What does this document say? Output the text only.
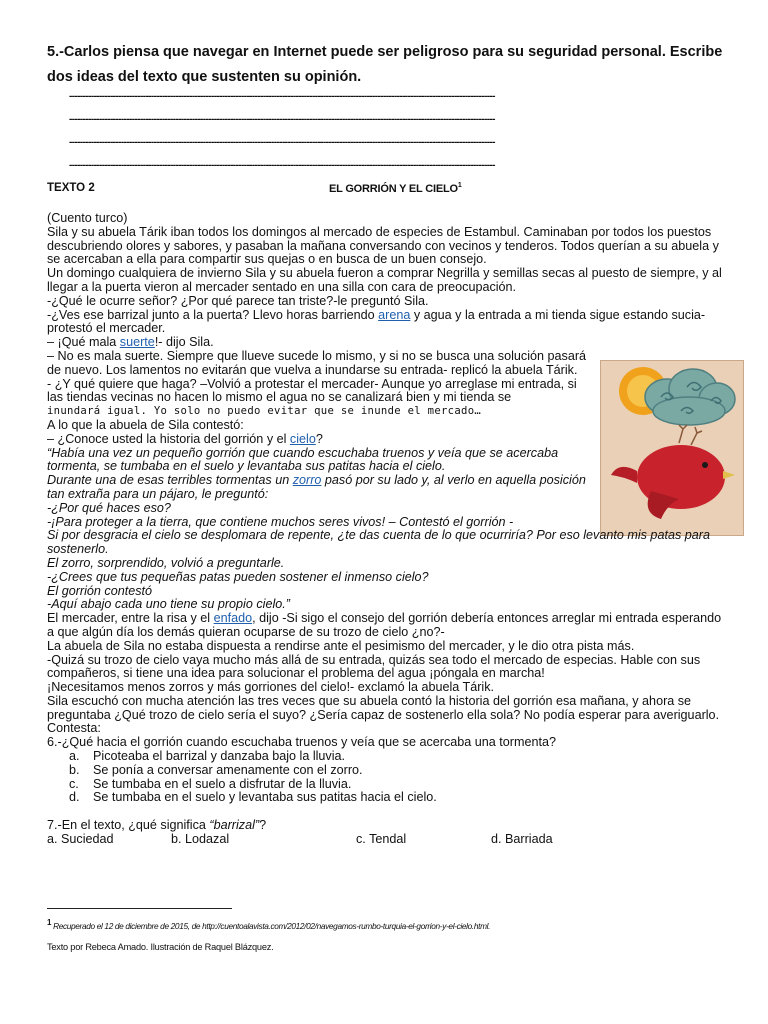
5.-Carlos piensa que navegar en Internet puede ser peligroso para su seguridad personal. Escribe dos ideas del texto que sustenten su opinión.
------------------------------------------------------------------------------------------------------------------------------------------------------------
------------------------------------------------------------------------------------------------------------------------------------------------------------
------------------------------------------------------------------------------------------------------------------------------------------------------------
------------------------------------------------------------------------------------------------------------------------------------------------------------
TEXTO 2	EL GORRIÓN Y EL CIELO$^1$

(Cuento turco)

Sila y su abuela Tárik iban todos los domingos al mercado de especies de Estambul. Caminaban por todos los puestos descubriendo olores y sabores, y pasaban la mañana conversando con vecinos y tenderos. Todos querían a su abuela y se acercaban a ella para compartir sus quejas o en busca de un buen consejo.

Un domingo cualquiera de invierno Sila y su abuela fueron a comprar Negrilla y semillas secas al puesto de siempre, y al llegar a la puerta vieron al mercader sentado en una silla con cara de preocupación.

-¿Qué le ocurre señor? ¿Por qué parece tan triste?-le preguntó Sila.

-¿Ves ese barrizal junto a la puerta? Llevo horas barriendo arena y agua y la entrada a mi tienda sigue estando sucia- protestó el mercader.

– ¡Qué mala suerte!- dijo Sila.

– No es mala suerte. Siempre que llueve sucede lo mismo, y si no se busca una solución pasará de nuevo. Los lamentos no evitarán que vuelva a inundarse su entrada- replicó la abuela Tárik.

- ¿Y qué quiere que haga? –Volvió a protestar el mercader- Aunque yo arreglase mi entrada, si las tiendas vecinas no hacen lo mismo el agua no se canalizará bien y mi tienda se

inundará igual. Yo solo no puedo evitar que se inunde el mercado…

A lo que la abuela de Sila contestó:

– ¿Conoce usted la historia del gorrión y el cielo?

“Había una vez un pequeño gorrión que cuando escuchaba truenos y veía que se acercaba tormenta, se tumbaba en el suelo y levantaba sus patitas hacia el cielo.

Durante una de esas terribles tormentas un zorro pasó por su lado y, al verlo en aquella posición tan extraña para un pájaro, le preguntó:

-¿Por qué haces eso?

-¡Para proteger a la tierra, que contiene muchos seres vivos! – Contestó el gorrión -

Si por desgracia el cielo se desplomara de repente, ¿te das cuenta de lo que ocurriría? Por eso levanto mis patas para sostenerlo.

El zorro, sorprendido, volvió a preguntarle.

-¿Crees que tus pequeñas patas pueden sostener el inmenso cielo?

El gorrión contestó

-Aquí abajo cada uno tiene su propio cielo.”

El mercader, entre la risa y el enfado, dijo -Si sigo el consejo del gorrión debería entonces arreglar mi entrada esperando a que algún día los demás quieran ocuparse de su trozo de cielo ¿no?-

La abuela de Sila no estaba dispuesta a rendirse ante el pesimismo del mercader, y le dio otra pista más.

-Quizá su trozo de cielo vaya mucho más allá de su entrada, quizás sea todo el mercado de especias. Hable con sus compañeros, si tiene una idea para solucionar el problema del agua ¡póngala en marcha!

¡Necesitamos menos zorros y más gorriones del cielo!- exclamó la abuela Tárik.

Sila escuchó con mucha atención las tres veces que su abuela contó la historia del gorrión esa mañana, y ahora se preguntaba ¿Qué trozo de cielo sería el suyo? ¿Sería capaz de sostenerlo ella sola? No podía esperar para averiguarlo.

Contesta:

6.-¿Qué hacia el gorrión cuando escuchaba truenos y veía que se acercaba una tormenta?

a. Picoteaba el barrizal y danzaba bajo la lluvia.
b. Se ponía a conversar amenamente con el zorro.
c. Se tumbaba en el suelo a disfrutar de la lluvia.
d. Se tumbaba en el suelo y levantaba sus patitas hacia el cielo.

7.-En el texto, ¿qué significa “barrizal”?

a. Suciedad	b. Lodazal	c. Tendal	d. Barriada
$^1$ Recuperado el 12 de diciembre de 2015, de http://cuentoalavista.com/2012/02/navegamos-rumbo-turquia-el-gorrion-y-el-cielo.html.
Texto por Rebeca Amado. Ilustración de Raquel Blázquez.
